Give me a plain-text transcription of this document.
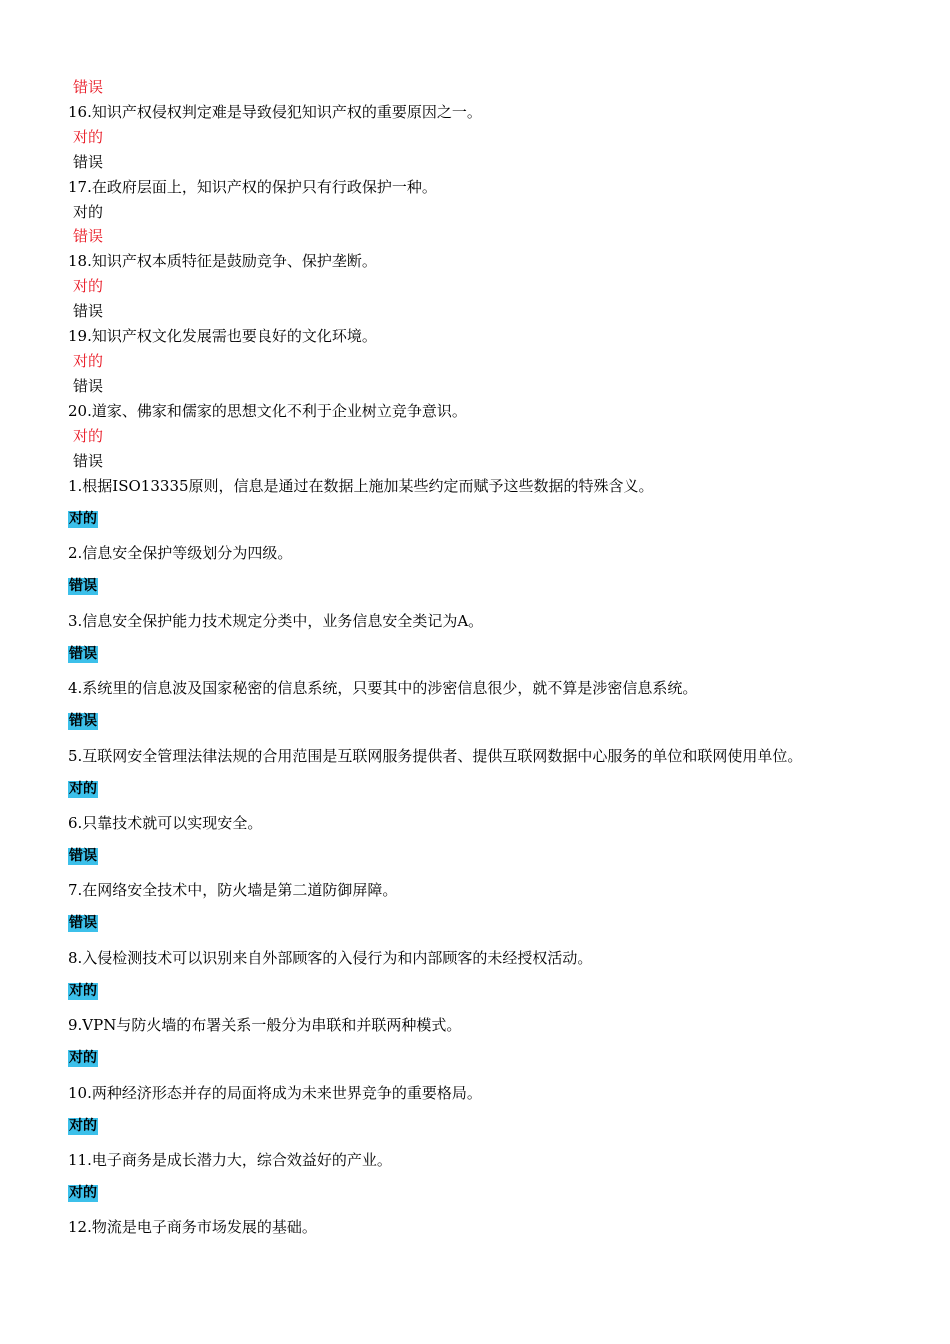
错误
16.知识产权侵权判定难是导致侵犯知识产权的重要原因之一。
对的
错误
17.在政府层面上，知识产权的保护只有行政保护一种。
对的
错误
18.知识产权本质特征是鼓励竞争、保护垄断。
对的
错误
19.知识产权文化发展需也要良好的文化环境。
对的
错误
20.道家、佛家和儒家的思想文化不利于企业树立竞争意识。
对的
错误
1.根据ISO13335原则，信息是通过在数据上施加某些约定而赋予这些数据的特殊含义。
对的
2.信息安全保护等级划分为四级。
错误
3.信息安全保护能力技术规定分类中，业务信息安全类记为A。
错误
4.系统里的信息波及国家秘密的信息系统，只要其中的涉密信息很少，就不算是涉密信息系统。
错误
5.互联网安全管理法律法规的合用范围是互联网服务提供者、提供互联网数据中心服务的单位和联网使用单位。
对的
6.只靠技术就可以实现安全。
错误
7.在网络安全技术中，防火墙是第二道防御屏障。
错误
8.入侵检测技术可以识别来自外部顾客的入侵行为和内部顾客的未经授权活动。
对的
9.VPN与防火墙的布署关系一般分为串联和并联两种模式。
对的
10.两种经济形态并存的局面将成为未来世界竞争的重要格局。
对的
11.电子商务是成长潜力大，综合效益好的产业。
对的
12.物流是电子商务市场发展的基础。
